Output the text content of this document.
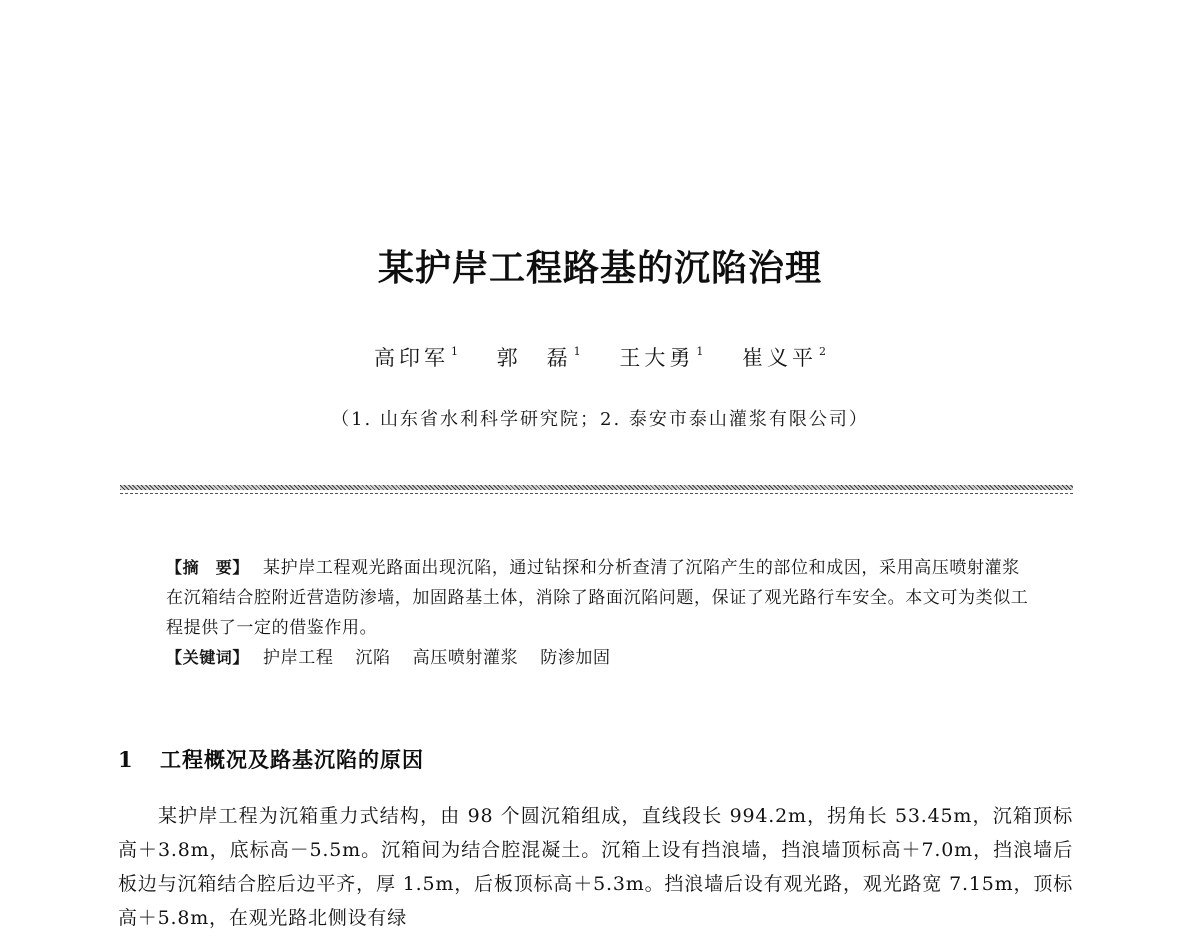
某护岸工程路基的沉陷治理
高印军 $^1$ 郭　磊 $^1$ 王大勇 $^1$ 崔义平 $^2$
（1. 山东省水利科学研究院；2. 泰安市泰山灌浆有限公司）

【摘　要】 某护岸工程观光路面出现沉陷，通过钻探和分析查清了沉陷产生的部位和成因，采用高压喷射灌浆在沉箱结合腔附近营造防渗墙，加固路基土体，消除了路面沉陷问题，保证了观光路行车安全。本文可为类似工程提供了一定的借鉴作用。

【关键词】 护岸工程 沉陷 高压喷射灌浆 防渗加固

1 工程概况及路基沉陷的原因

某护岸工程为沉箱重力式结构，由 98 个圆沉箱组成，直线段长 994.2m，拐角长 53.45m，沉箱顶标高＋3.8m，底标高－5.5m。沉箱间为结合腔混凝土。沉箱上设有挡浪墙，挡浪墙顶标高＋7.0m，挡浪墙后板边与沉箱结合腔后边平齐，厚 1.5m，后板顶标高＋5.3m。挡浪墙后设有观光路，观光路宽 7.15m，顶标高＋5.8m，在观光路北侧设有绿
